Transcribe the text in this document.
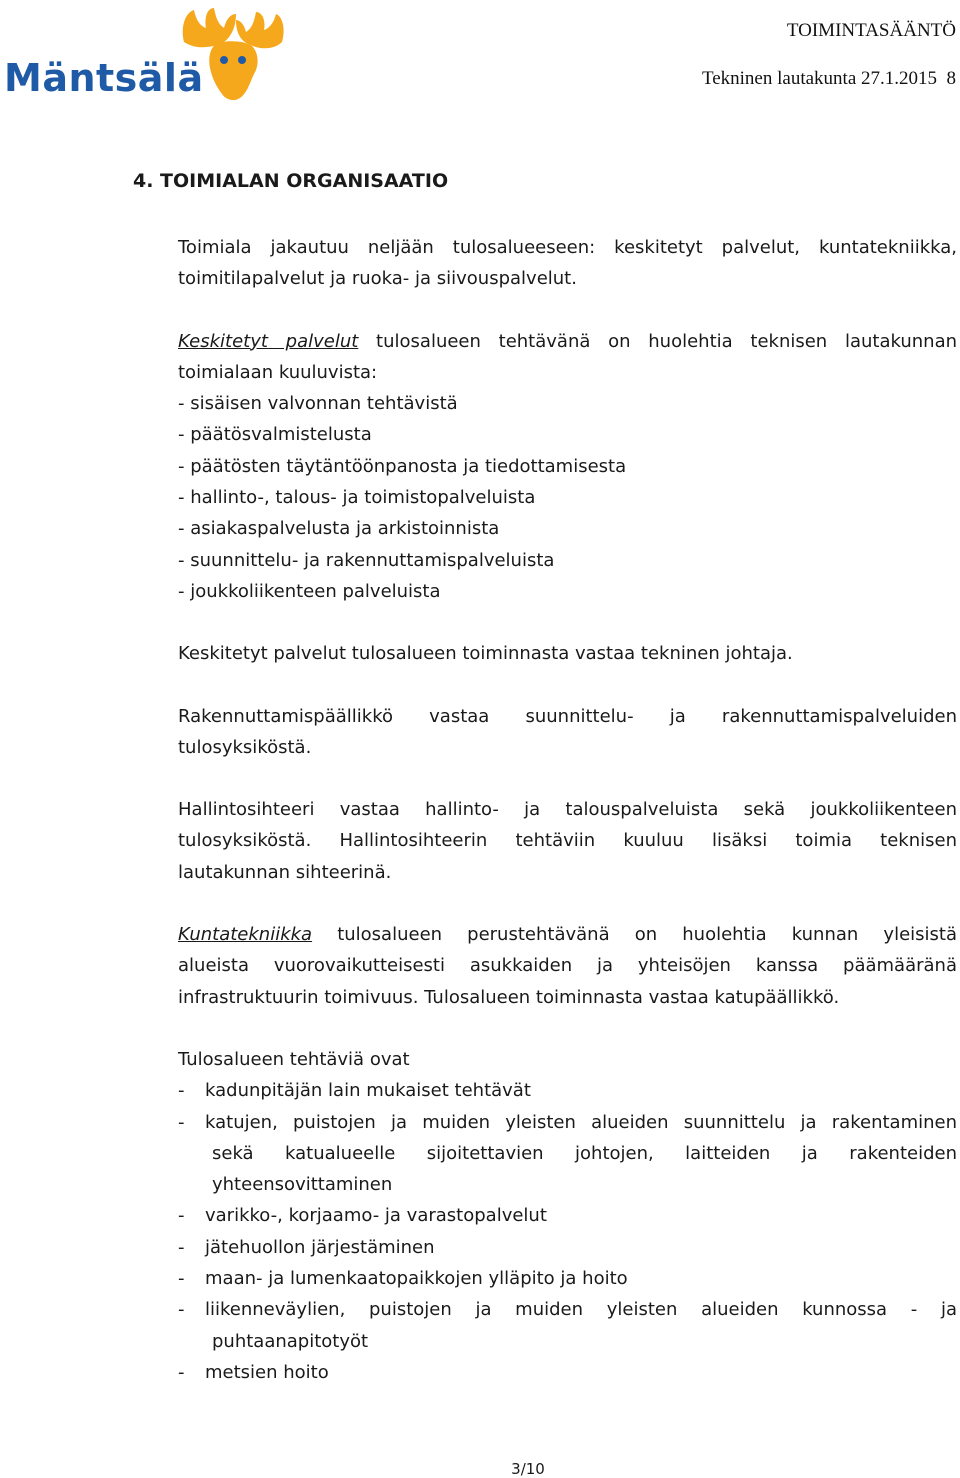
Mäntsälä
TOIMINTASÄÄNTÖ
Tekninen lautakunta 27.1.2015 8
4. TOIMIALAN ORGANISAATIO

Toimiala jakautuu neljään tulosalueeseen: keskitetyt palvelut, kuntatekniikka,
toimitilapalvelut ja ruoka- ja siivouspalvelut.

Keskitetyt palvelut tulosalueen tehtävänä on huolehtia teknisen lautakunnan
toimialaan kuuluvista:
- sisäisen valvonnan tehtävistä
- päätösvalmistelusta
- päätösten täytäntöönpanosta ja tiedottamisesta
- hallinto-, talous- ja toimistopalveluista
- asiakaspalvelusta ja arkistoinnista
- suunnittelu- ja rakennuttamispalveluista
- joukkoliikenteen palveluista

Keskitetyt palvelut tulosalueen toiminnasta vastaa tekninen johtaja.

Rakennuttamispäällikkö vastaa suunnittelu- ja rakennuttamispalveluiden
tulosyksiköstä.

Hallintosihteeri vastaa hallinto- ja talouspalveluista sekä joukkoliikenteen
tulosyksiköstä. Hallintosihteerin tehtäviin kuuluu lisäksi toimia teknisen
lautakunnan sihteerinä.

Kuntatekniikka tulosalueen perustehtävänä on huolehtia kunnan yleisistä
alueista vuorovaikutteisesti asukkaiden ja yhteisöjen kanssa päämääränä
infrastruktuurin toimivuus. Tulosalueen toiminnasta vastaa katupäällikkö.

Tulosalueen tehtäviä ovat

- kadunpitäjän lain mukaiset tehtävät
- katujen, puistojen ja muiden yleisten alueiden suunnittelu ja rakentaminen
sekä katualueelle sijoitettavien johtojen, laitteiden ja rakenteiden
yhteensovittaminen
- varikko-, korjaamo- ja varastopalvelut
- jätehuollon järjestäminen
- maan- ja lumenkaatopaikkojen ylläpito ja hoito
- liikenneväylien, puistojen ja muiden yleisten alueiden kunnossa - ja
puhtaanapitotyöt
- metsien hoito
3/10
